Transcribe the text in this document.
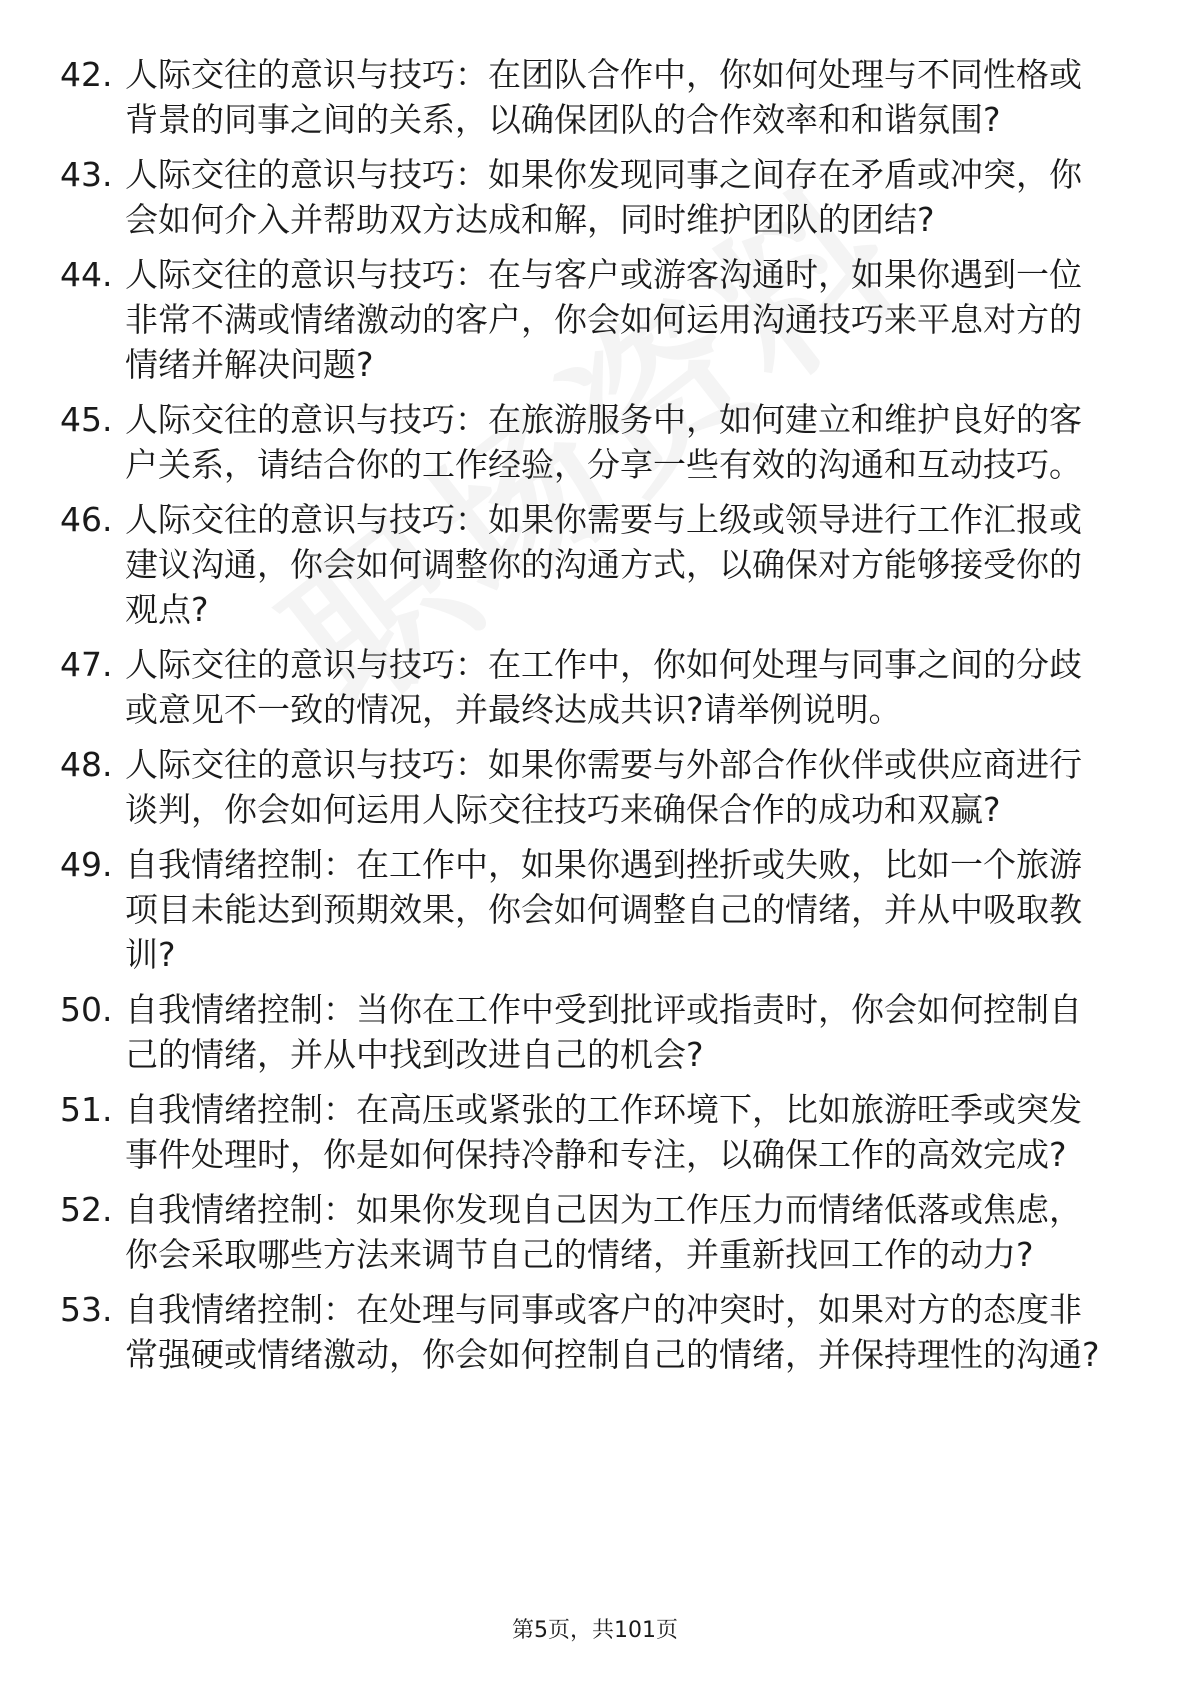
42. 人际交往的意识与技巧：在团队合作中，你如何处理与不同性格或背景的同事之间的关系，以确保团队的合作效率和和谐氛围?
43. 人际交往的意识与技巧：如果你发现同事之间存在矛盾或冲突，你会如何介入并帮助双方达成和解，同时维护团队的团结?
44. 人际交往的意识与技巧：在与客户或游客沟通时，如果你遇到一位非常不满或情绪激动的客户，你会如何运用沟通技巧来平息对方的情绪并解决问题?
45. 人际交往的意识与技巧：在旅游服务中，如何建立和维护良好的客户关系，请结合你的工作经验，分享一些有效的沟通和互动技巧。
46. 人际交往的意识与技巧：如果你需要与上级或领导进行工作汇报或建议沟通，你会如何调整你的沟通方式，以确保对方能够接受你的观点?
47. 人际交往的意识与技巧：在工作中，你如何处理与同事之间的分歧或意见不一致的情况，并最终达成共识?请举例说明。
48. 人际交往的意识与技巧：如果你需要与外部合作伙伴或供应商进行谈判，你会如何运用人际交往技巧来确保合作的成功和双赢?
49. 自我情绪控制：在工作中，如果你遇到挫折或失败，比如一个旅游项目未能达到预期效果，你会如何调整自己的情绪，并从中吸取教训?
50. 自我情绪控制：当你在工作中受到批评或指责时，你会如何控制自己的情绪，并从中找到改进自己的机会?
51. 自我情绪控制：在高压或紧张的工作环境下，比如旅游旺季或突发事件处理时，你是如何保持冷静和专注，以确保工作的高效完成?
52. 自我情绪控制：如果你发现自己因为工作压力而情绪低落或焦虑，你会采取哪些方法来调节自己的情绪，并重新找回工作的动力?
53. 自我情绪控制：在处理与同事或客户的冲突时，如果对方的态度非常强硬或情绪激动，你会如何控制自己的情绪，并保持理性的沟通?
第5页，共101页
